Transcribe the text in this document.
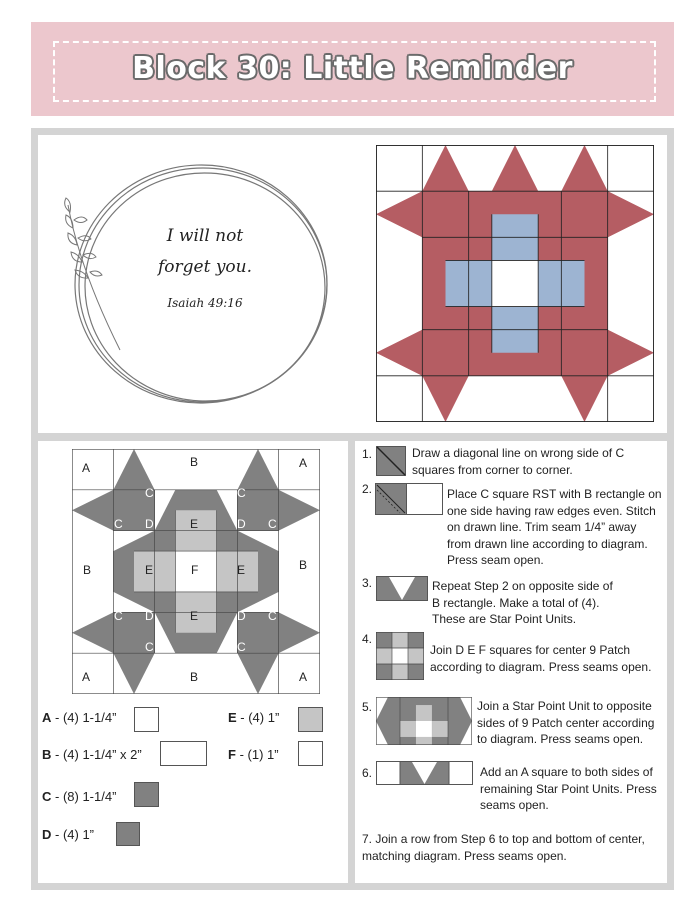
Block 30: Little Reminder
I will not
forget you.
Isaiah 49:16
A	B	A
C	C
C D	E	D C
B	E	F	E	B
C D	E	D C
C	C
A	B	A
A - (4) 1-1/4”	E - (4) 1”
B - (4) 1-1/4” x 2”	F - (1) 1”
C - (8) 1-1/4”
D - (4) 1”
1.	Draw a diagonal line on wrong side of C
squares from corner to corner.
2.	Place C square RST with B rectangle on
one side having raw edges even. Stitch
on drawn line. Trim seam 1/4” away
from drawn line according to diagram.
Press seam open.
3.	Repeat Step 2 on opposite side of
B rectangle. Make a total of (4).
These are Star Point Units.
4.
Join D E F squares for center 9 Patch
according to diagram. Press seams open.
5.	Join a Star Point Unit to opposite
sides of 9 Patch center according
to diagram. Press seams open.
6.	Add an A square to both sides of
remaining Star Point Units. Press
seams open.
7. Join a row from Step 6 to top and bottom of center,
matching diagram. Press seams open.
